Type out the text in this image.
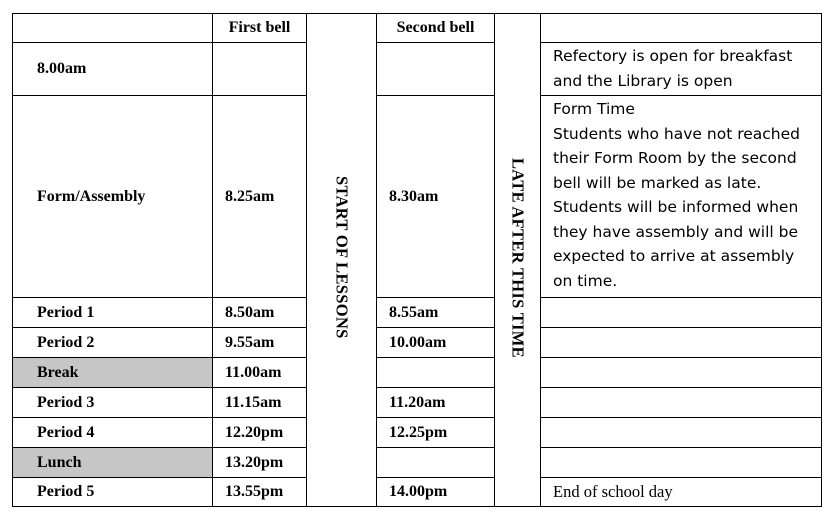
	First bell	START OF LESSONS	Second bell	LATE AFTER THIS TIME	
8.00am					Refectory is open for breakfast and the Library is open
Form/Assembly	8.25am		8.30am		Form Time
Students who have not reached their Form Room by the second bell will be marked as late. Students will be informed when they have assembly and will be expected to arrive at assembly on time.

Period 1	8.50am		8.55am		
Period 2	9.55am		10.00am		
Break	11.00am				
Period 3	11.15am		11.20am		
Period 4	12.20pm		12.25pm		
Lunch	13.20pm				
Period 5	13.55pm		14.00pm		End of school day
